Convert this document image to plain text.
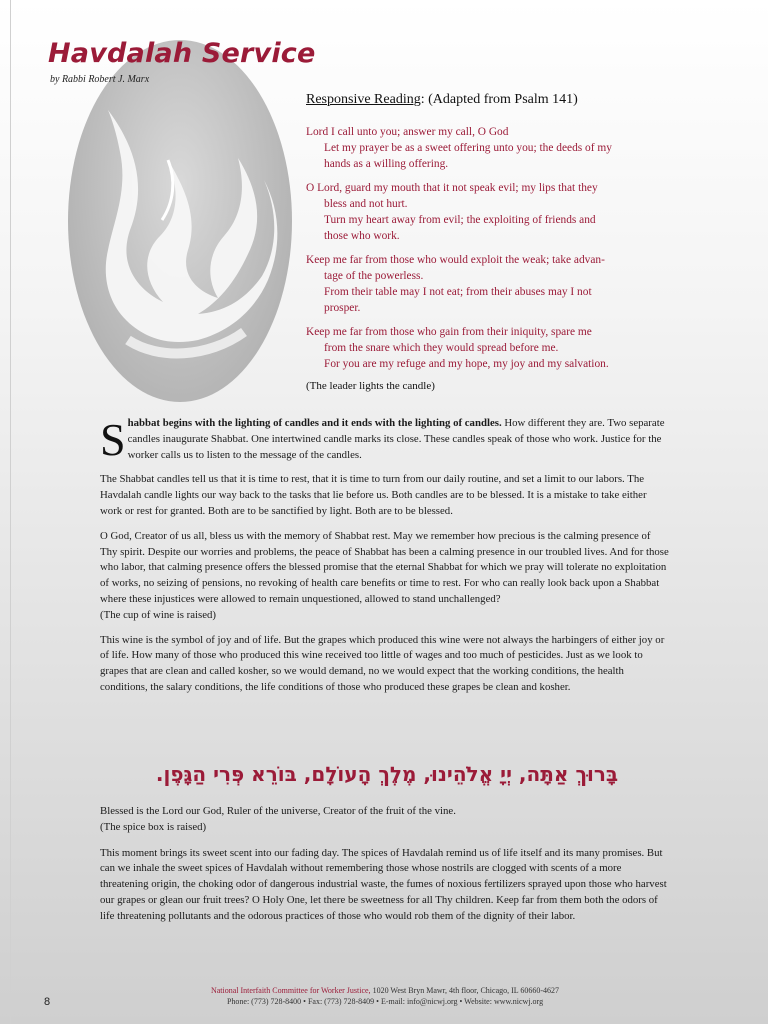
Havdalah Service
by Rabbi Robert J. Marx
Responsive Reading: (Adapted from Psalm 141)
Lord I call unto you; answer my call, O God
Let my prayer be as a sweet offering unto you; the deeds of my
hands as a willing offering.
O Lord, guard my mouth that it not speak evil; my lips that they
bless and not hurt.
Turn my heart away from evil; the exploiting of friends and
those who work.
Keep me far from those who would exploit the weak; take advan-
tage of the powerless.
From their table may I not eat; from their abuses may I not
prosper.
Keep me far from those who gain from their iniquity, spare me
from the snare which they would spread before me.
For you are my refuge and my hope, my joy and my salvation.
(The leader lights the candle)

Shabbat begins with the lighting of candles and it ends with the lighting of candles. How different they are. Two separate candles inaugurate Shabbat. One intertwined candle marks its close. These candles speak of those who work. Justice for the worker calls us to listen to the message of the candles.

The Shabbat candles tell us that it is time to rest, that it is time to turn from our daily routine, and set a limit to our labors. The Havdalah candle lights our way back to the tasks that lie before us. Both candles are to be blessed. It is a mistake to take either work or rest for granted. Both are to be sanctified by light. Both are to be blessed.

O God, Creator of us all, bless us with the memory of Shabbat rest. May we remember how precious is the calming presence of Thy spirit. Despite our worries and problems, the peace of Shabbat has been a calming presence in our troubled lives. And for those who labor, that calming presence offers the blessed promise that the eternal Shabbat for which we pray will tolerate no exploitation of works, no seizing of pensions, no revoking of health care benefits or time to rest. For who can really look back upon a Shabbat where these injustices were allowed to remain unquestioned, allowed to stand unchallenged?
(The cup of wine is raised)

This wine is the symbol of joy and of life. But the grapes which produced this wine were not always the harbingers of either joy or of life. How many of those who produced this wine received too little of wages and too much of pesticides. Just as we look to grapes that are clean and called kosher, so we would demand, no we would expect that the working conditions, the health conditions, the salary conditions, the life conditions of those who produced these grapes be clean and kosher.

בָּרוּךְ אַתָּה, יְיָ אֱלֹהֵינוּ, מֶלֶךְ הָעוֹלָם, בּוֹרֵא פְּרִי הַגָּפֶן.

Blessed is the Lord our God, Ruler of the universe, Creator of the fruit of the vine.
(The spice box is raised)

This moment brings its sweet scent into our fading day. The spices of Havdalah remind us of life itself and its many promises. But can we inhale the sweet spices of Havdalah without remembering those whose nostrils are clogged with scents of a more threatening origin, the choking odor of dangerous industrial waste, the fumes of noxious fertilizers sprayed upon those who harvest our grapes or glean our fruit trees? O Holy One, let there be sweetness for all Thy children. Keep far from them both the odors of life threatening pollutants and the odorous practices of those who would rob them of the dignity of their labor.

National Interfaith Committee for Worker Justice, 1020 West Bryn Mawr, 4th floor, Chicago, IL 60660-4627
Phone: (773) 728-8400 • Fax: (773) 728-8409 • E-mail: info@nicwj.org • Website: www.nicwj.org
8
